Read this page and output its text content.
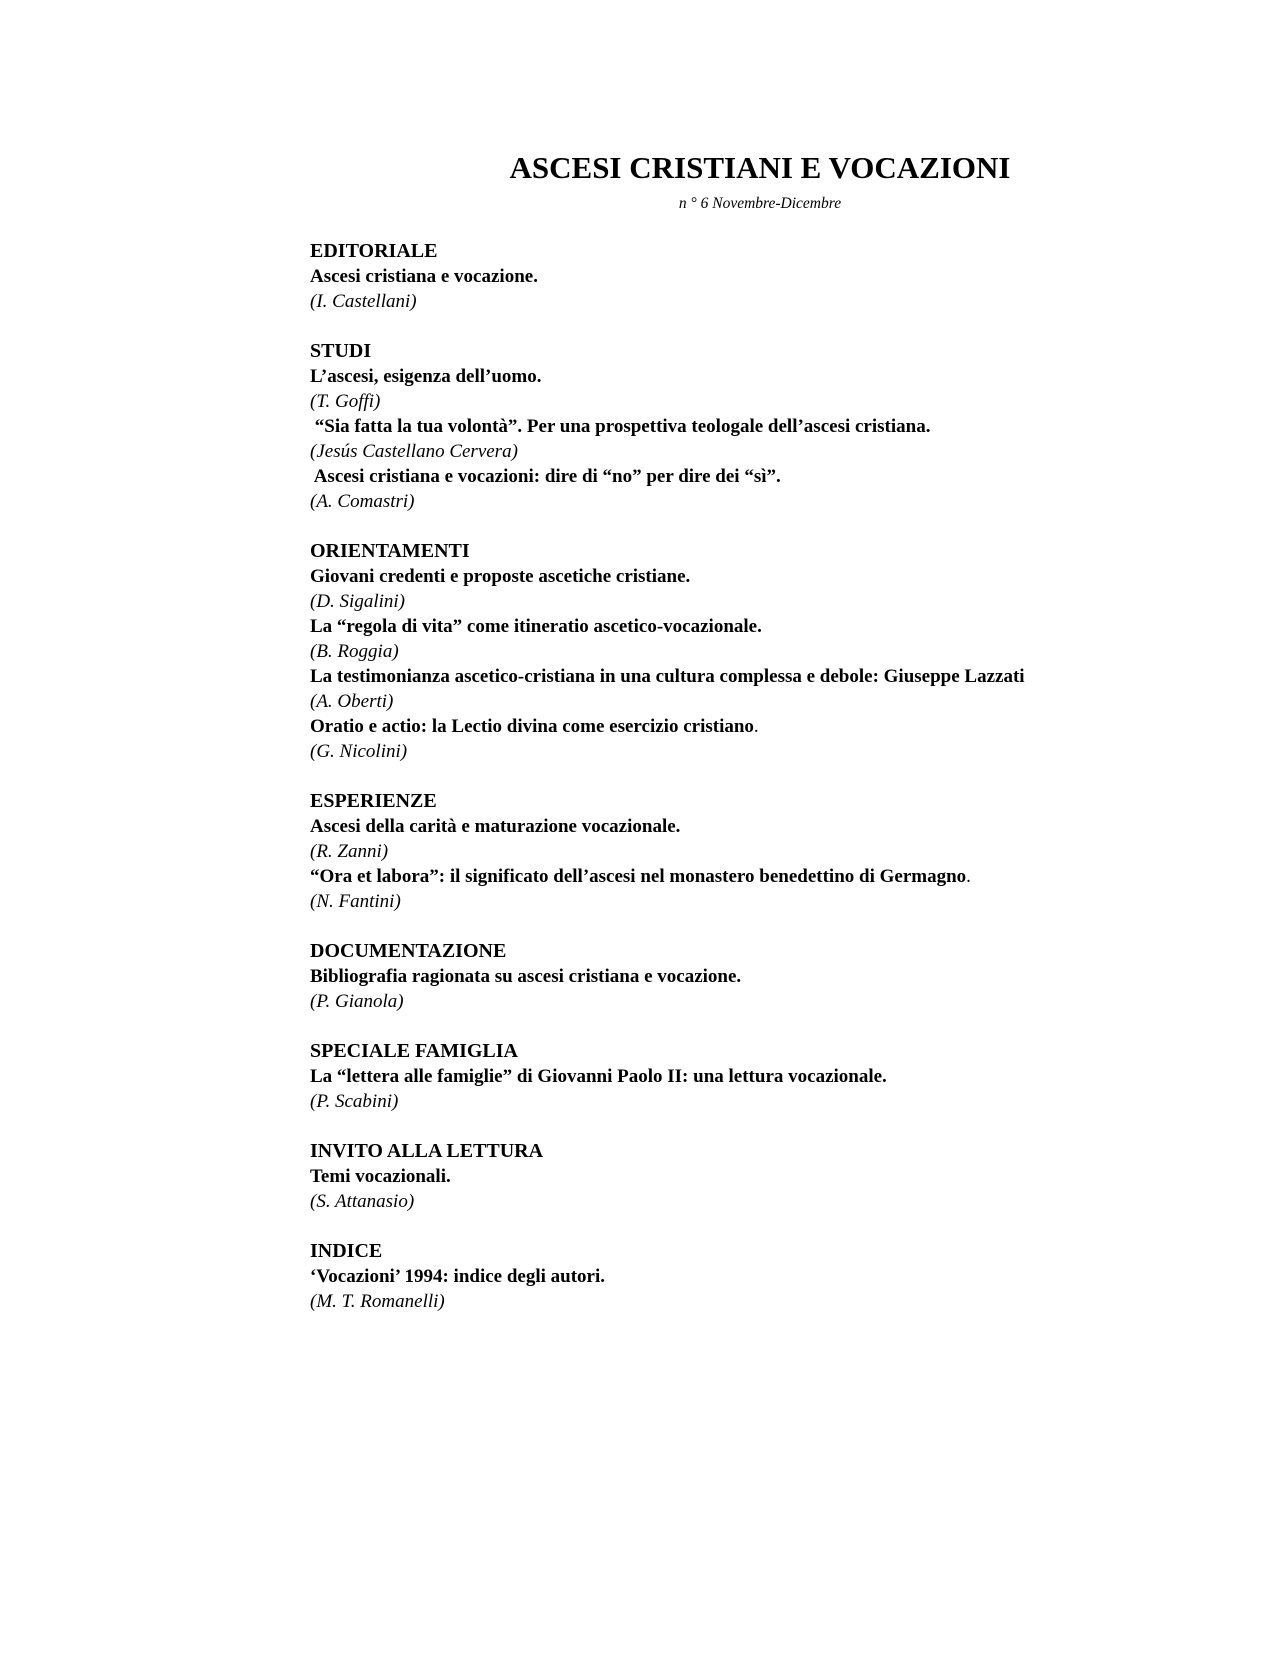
ASCESI CRISTIANI E VOCAZIONI
n ° 6 Novembre-Dicembre
EDITORIALE
Ascesi cristiana e vocazione.
(I. Castellani)
STUDI
L’ascesi, esigenza dell’uomo.
(T. Goffi)
“Sia fatta la tua volontà”. Per una prospettiva teologale dell’ascesi cristiana.
(Jesús Castellano Cervera)
Ascesi cristiana e vocazioni: dire di “no” per dire dei “sì”.
(A. Comastri)
ORIENTAMENTI
Giovani credenti e proposte ascetiche cristiane.
(D. Sigalini)
La “regola di vita” come itineratio ascetico-vocazionale.
(B. Roggia)
La testimonianza ascetico-cristiana in una cultura complessa e debole: Giuseppe Lazzati
(A. Oberti)
Oratio e actio: la Lectio divina come esercizio cristiano.
(G. Nicolini)
ESPERIENZE
Ascesi della carità e maturazione vocazionale.
(R. Zanni)
“Ora et labora”: il significato dell’ascesi nel monastero benedettino di Germagno.
(N. Fantini)
DOCUMENTAZIONE
Bibliografia ragionata su ascesi cristiana e vocazione.
(P. Gianola)
SPECIALE FAMIGLIA
La “lettera alle famiglie” di Giovanni Paolo II: una lettura vocazionale.
(P. Scabini)
INVITO ALLA LETTURA
Temi vocazionali.
(S. Attanasio)
INDICE
‘Vocazioni’ 1994: indice degli autori.
(M. T. Romanelli)
